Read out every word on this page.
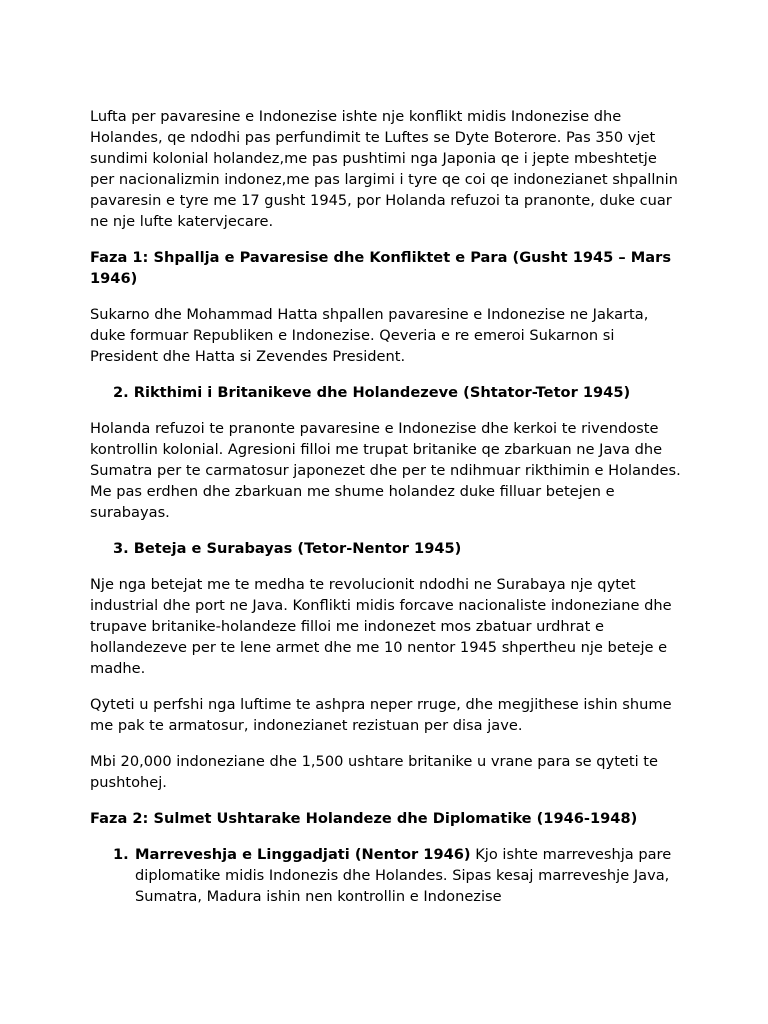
Lufta per pavaresine e Indonezise ishte nje konflikt midis Indonezise dhe Holandes, qe ndodhi pas perfundimit te Luftes se Dyte Boterore. Pas 350 vjet sundimi kolonial holandez,me pas pushtimi nga Japonia qe i jepte mbeshtetje per nacionalizmin indonez,me pas largimi i tyre qe coi qe indonezianet shpallnin pavaresin e tyre me 17 gusht 1945, por Holanda refuzoi ta pranonte, duke cuar ne nje lufte katervjecare.

Faza 1: Shpallja e Pavaresise dhe Konfliktet e Para (Gusht 1945 – Mars 1946)

Sukarno dhe Mohammad Hatta shpallen pavaresine e Indonezise ne Jakarta, duke formuar Republiken e Indonezise. Qeveria e re emeroi Sukarnon si President dhe Hatta si Zevendes President.

2. Rikthimi i Britanikeve dhe Holandezeve (Shtator-Tetor 1945)

Holanda refuzoi te pranonte pavaresine e Indonezise dhe kerkoi te rivendoste kontrollin kolonial. Agresioni filloi me trupat britanike qe zbarkuan ne Java dhe Sumatra per te carmatosur japonezet dhe per te ndihmuar rikthimin e Holandes. Me pas erdhen dhe zbarkuan me shume holandez duke filluar betejen e surabayas.

3. Beteja e Surabayas (Tetor-Nentor 1945)

Nje nga betejat me te medha te revolucionit ndodhi ne Surabaya nje qytet industrial dhe port ne Java. Konflikti midis forcave nacionaliste indoneziane dhe trupave britanike-holandeze filloi me indonezet mos zbatuar urdhrat e hollandezeve per te lene armet dhe me 10 nentor 1945 shpertheu nje beteje e madhe.

Qyteti u perfshi nga luftime te ashpra neper rruge, dhe megjithese ishin shume me pak te armatosur, indonezianet rezistuan per disa jave.

Mbi 20,000 indoneziane dhe 1,500 ushtare britanike u vrane para se qyteti te pushtohej.

Faza 2: Sulmet Ushtarake Holandeze dhe Diplomatike (1946-1948)
1. Marreveshja e Linggadjati (Nentor 1946) Kjo ishte marreveshja pare diplomatike midis Indonezis dhe Holandes. Sipas kesaj marreveshje Java, Sumatra, Madura ishin nen kontrollin e Indonezise
